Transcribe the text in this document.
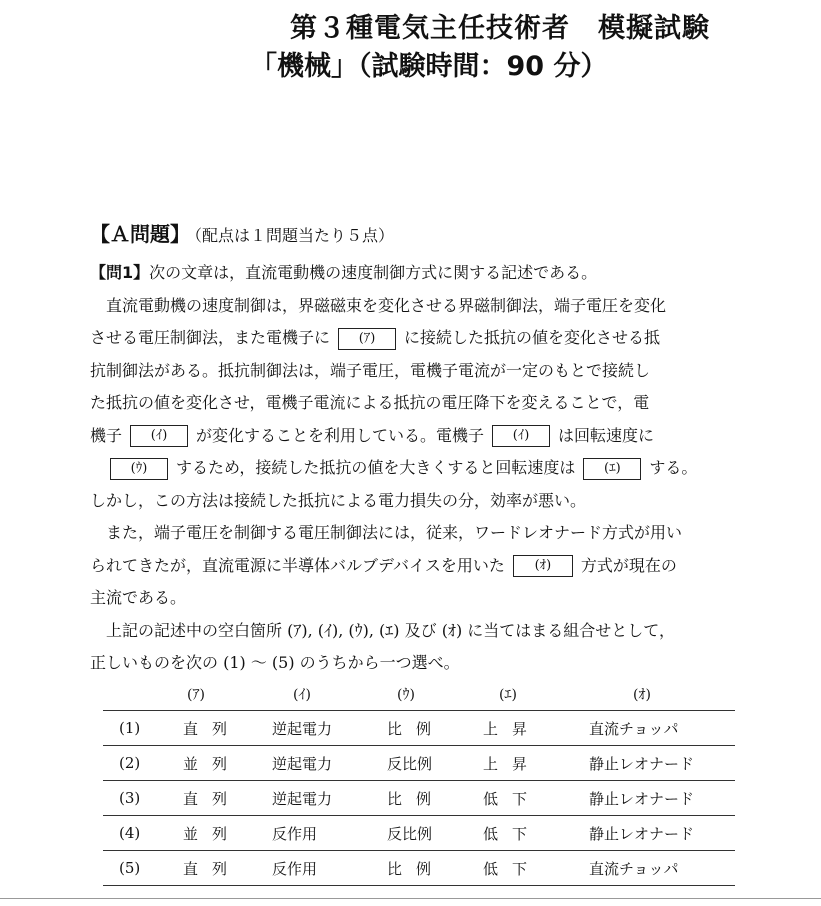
第３種電気主任技術者　模擬試験
「機械」（試験時間：90 分）
【Ａ問題】 （配点は１問題当たり５点）
【問1】次の文章は，直流電動機の速度制御方式に関する記述である。
直流電動機の速度制御は，界磁磁束を変化させる界磁制御法，端子電圧を変化
させる電圧制御法，また電機子に (ｱ) に接続した抵抗の値を変化させる抵
抗制御法がある。抵抗制御法は，端子電圧，電機子電流が一定のもとで接続し
た抵抗の値を変化させ，電機子電流による抵抗の電圧降下を変えることで，電
機子 (ｲ) が変化することを利用している。電機子 (ｲ) は回転速度に
(ｳ) するため，接続した抵抗の値を大きくすると回転速度は (ｴ) する。
しかし，この方法は接続した抵抗による電力損失の分，効率が悪い。
また，端子電圧を制御する電圧制御法には，従来，ワードレオナード方式が用い
られてきたが，直流電源に半導体バルブデバイスを用いた (ｵ) 方式が現在の
主流である。
上記の記述中の空白箇所 (ｱ), (ｲ), (ｳ), (ｴ) 及び (ｵ) に当てはまる組合せとして，
正しいものを次の (1) ～ (5) のうちから一つ選べ。
	(ｱ)	(ｲ)	(ｳ)	(ｴ)	(ｵ)
(1)	直列	逆起電力	比例	上昇	直流チョッパ
(2)	並列	逆起電力	反比例	上昇	静止レオナード
(3)	直列	逆起電力	比例	低下	静止レオナード
(4)	並列	反作用	反比例	低下	静止レオナード
(5)	直列	反作用	比例	低下	直流チョッパ
